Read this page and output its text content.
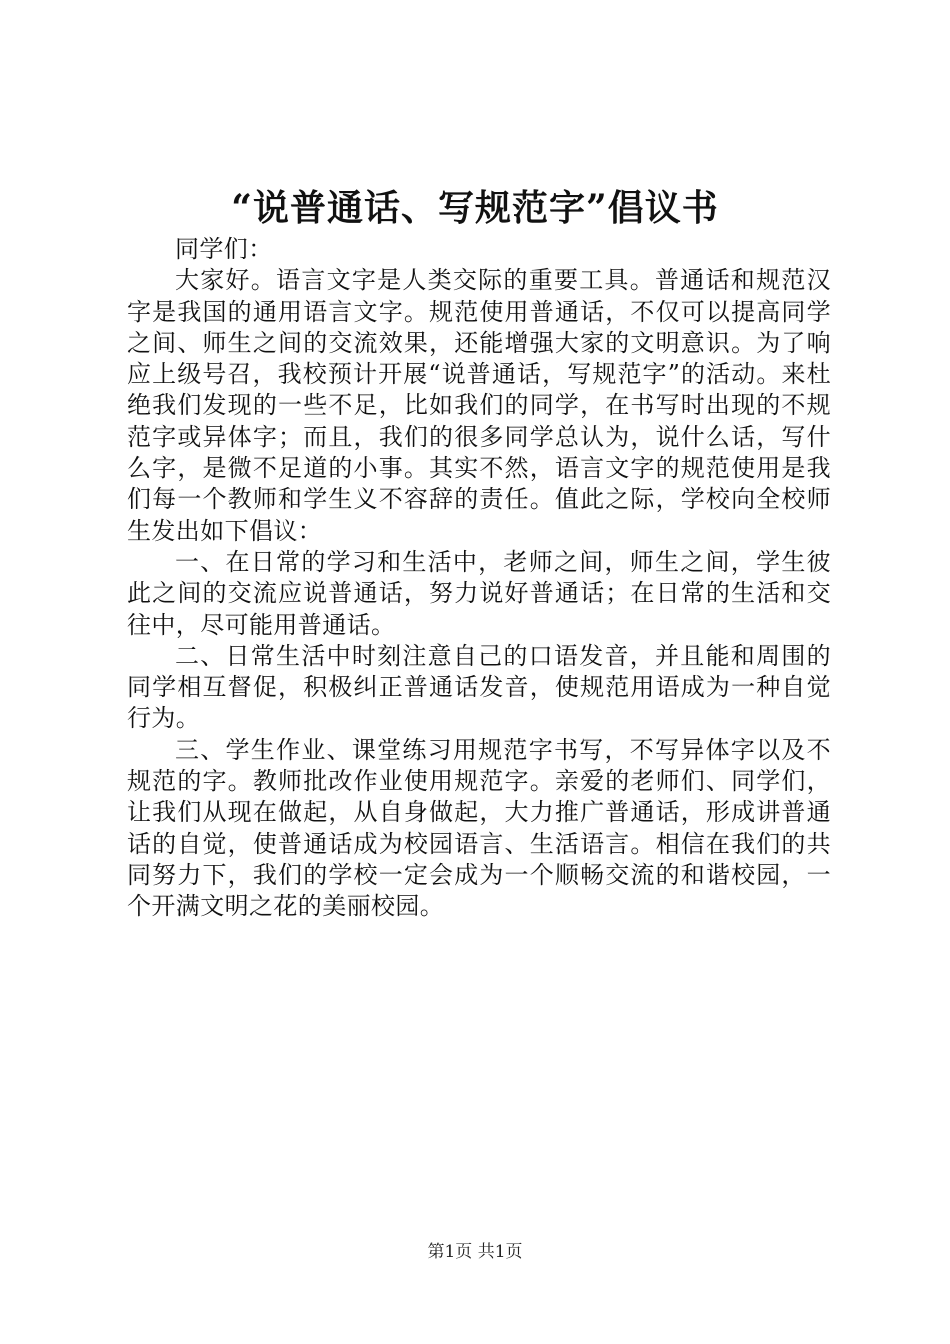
“说普通话、写规范字”倡议书

同学们：

大家好。语言文字是人类交际的重要工具。普通话和规范汉字是我国的通用语言文字。规范使用普通话，不仅可以提高同学之间、师生之间的交流效果，还能增强大家的文明意识。为了响应上级号召，我校预计开展“说普通话，写规范字”的活动。来杜绝我们发现的一些不足，比如我们的同学，在书写时出现的不规范字或异体字；而且，我们的很多同学总认为，说什么话，写什么字，是微不足道的小事。其实不然，语言文字的规范使用是我们每一个教师和学生义不容辞的责任。值此之际，学校向全校师生发出如下倡议：

一、在日常的学习和生活中，老师之间，师生之间，学生彼此之间的交流应说普通话，努力说好普通话；在日常的生活和交往中，尽可能用普通话。

二、日常生活中时刻注意自己的口语发音，并且能和周围的同学相互督促，积极纠正普通话发音，使规范用语成为一种自觉行为。

三、学生作业、课堂练习用规范字书写，不写异体字以及不规范的字。教师批改作业使用规范字。亲爱的老师们、同学们，让我们从现在做起，从自身做起，大力推广普通话，形成讲普通话的自觉，使普通话成为校园语言、生活语言。相信在我们的共同努力下，我们的学校一定会成为一个顺畅交流的和谐校园，一个开满文明之花的美丽校园。

第1页 共1页
